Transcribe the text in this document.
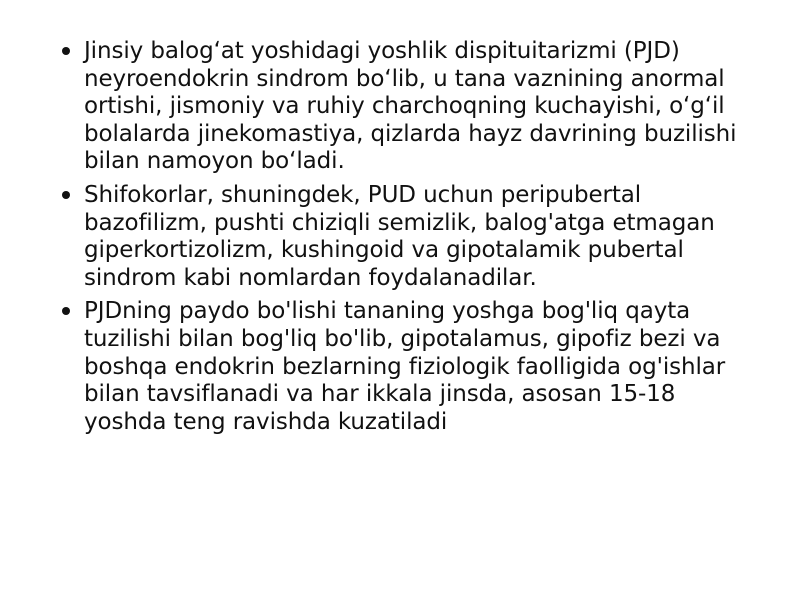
Jinsiy balogʻat yoshidagi yoshlik dispituitarizmi (PJD) neyroendokrin sindrom boʻlib, u tana vaznining anormal ortishi, jismoniy va ruhiy charchoqning kuchayishi, oʻgʻil bolalarda jinekomastiya, qizlarda hayz davrining buzilishi bilan namoyon boʻladi.
Shifokorlar, shuningdek, PUD uchun peripubertal bazofilizm, pushti chiziqli semizlik, balog'atga etmagan giperkortizolizm, kushingoid va gipotalamik pubertal sindrom kabi nomlardan foydalanadilar.
PJDning paydo bo'lishi tananing yoshga bog'liq qayta tuzilishi bilan bog'liq bo'lib, gipotalamus, gipofiz bezi va boshqa endokrin bezlarning fiziologik faolligida og'ishlar bilan tavsiflanadi va har ikkala jinsda, asosan 15-18 yoshda teng ravishda kuzatiladi
